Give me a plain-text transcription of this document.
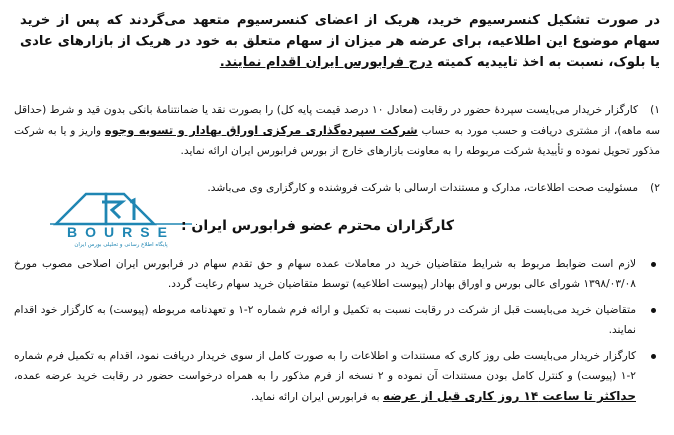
در صورت تشکیل کنسرسیوم خرید، هریک از اعضای کنسرسیوم متعهد می‌گردند که پس از خرید سهام موضوع این اطلاعیه، برای عرضه هر میزان از سهام متعلق به خود در هریک از بازارهای عادی یا بلوک، نسبت به اخذ تاییدیه کمیته درج فرابورس ایران اقدام نمایند.
۱)کارگزار خریدار می‌بایست سپردهٔ حضور در رقابت (معادل ۱۰ درصد قیمت پایه کل) را بصورت نقد یا ضمانتنامهٔ بانکی بدون قید و شرط (حداقل سه ماهه)، از مشتری دریافت و حسب مورد به حساب شرکت سپرده‌گذاری مرکزی اوراق بهادار و تسویه وجوه واریز و یا به شرکت مذکور تحویل نموده و تأییدیهٔ شرکت مربوطه را به معاونت بازارهای خارج از بورس فرابورس ایران ارائه نماید.
۲)مسئولیت صحت اطلاعات، مدارک و مستندات ارسالی با شرکت فروشنده و کارگزاری وی می‌باشد.
BOURSE
پایگاه اطلاع رسانی و تحلیلی بورس ایران
کارگزاران محترم عضو فرابورس ایران :
لازم است ضوابط مربوط به شرایط متقاضیان خرید در معاملات عمده سهام و حق تقدم سهام در فرابورس ایران اصلاحی مصوب مورخ ۱۳۹۸/۰۳/۰۸ شورای عالی بورس و اوراق بهادار (پیوست اطلاعیه) توسط متقاضیان خرید سهام رعایت گردد.
متقاضیان خرید می‌بایست قبل از شرکت در رقابت نسبت به تکمیل و ارائه فرم شماره ۲-۱ و تعهدنامه مربوطه (پیوست) به کارگزار خود اقدام نمایند.
کارگزار خریدار می‌بایست طی روز کاری که مستندات و اطلاعات را به صورت کامل از سوی خریدار دریافت نمود، اقدام به تکمیل فرم شماره ۲-۱ (پیوست) و کنترل کامل بودن مستندات آن نموده و ۲ نسخه از فرم مذکور را به همراه درخواست حضور در رقابت خرید عرضه عمده، حداکثر تا ساعت ۱۴ روز کاری قبل از عرضه به فرابورس ایران ارائه نماید.
